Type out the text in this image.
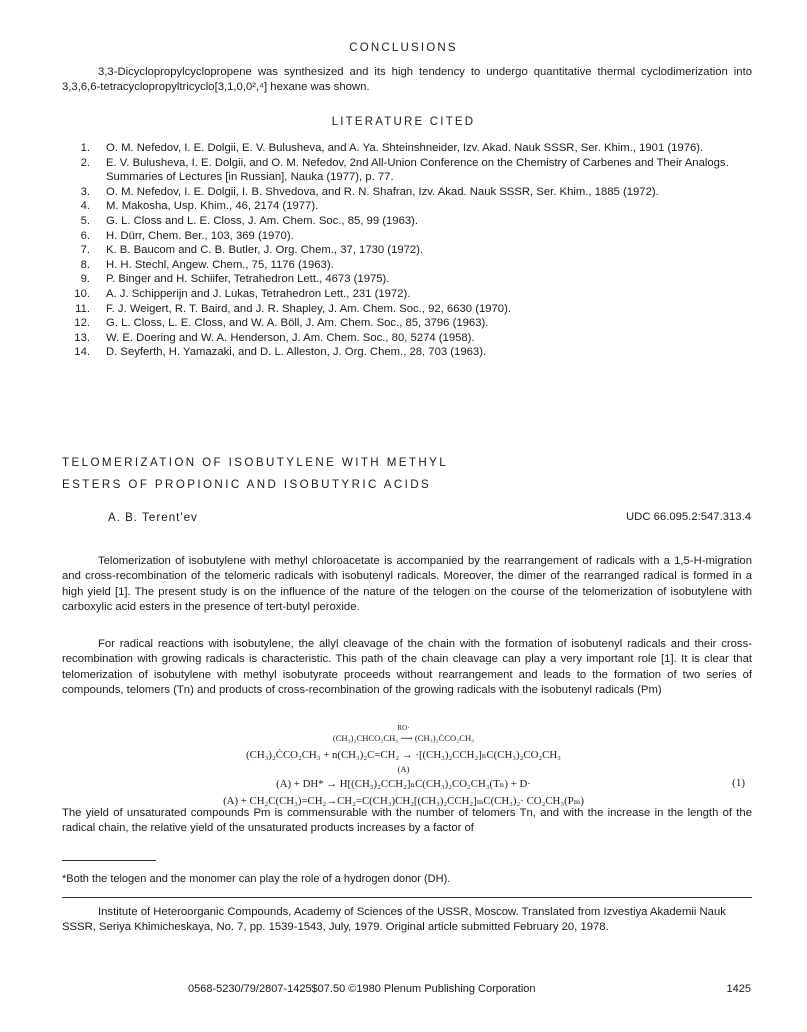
CONCLUSIONS
3,3-Dicyclopropylcyclopropene was synthesized and its high tendency to undergo quantitative thermal cyclodimerization into 3,3,6,6-tetracyclopropyltricyclo[3,1,0,0²,⁴] hexane was shown.
LITERATURE CITED
1 . O. M. Nefedov, I. E. Dolgii, E. V. Bulusheva, and A. Ya. Shteinshneider, Izv. Akad. Nauk SSSR, Ser. Khim., 1901 (1976).
2 . E. V. Bulusheva, I. E. Dolgii, and O. M. Nefedov, 2nd All-Union Conference on the Chemistry of Carbenes and Their Analogs. Summaries of Lectures [in Russian], Nauka (1977), p. 77.
3 . O. M. Nefedov, I. E. Dolgii, I. B. Shvedova, and R. N. Shafran, Izv. Akad. Nauk SSSR, Ser. Khim., 1885 (1972).
4 . M. Makosha, Usp. Khim., 46, 2174 (1977).
5 . G. L. Closs and L. E. Closs, J. Am. Chem. Soc., 85, 99 (1963).
6 . H. Dürr, Chem. Ber., 103, 369 (1970).
7 . K. B. Baucom and C. B. Butler, J. Org. Chem., 37, 1730 (1972).
8 . H. H. Stechl, Angew. Chem., 75, 1176 (1963).
9 . P. Binger and H. Schiifer, Tetrahedron Lett., 4673 (1975).
10 . A. J. Schipperijn and J. Lukas, Tetrahedron Lett., 231 (1972).
11 . F. J. Weigert, R. T. Baird, and J. R. Shapley, J. Am. Chem. Soc., 92, 6630 (1970).
12 . G. L. Closs, L. E. Closs, and W. A. Böll, J. Am. Chem. Soc., 85, 3796 (1963).
13 . W. E. Doering and W. A. Henderson, J. Am. Chem. Soc., 80, 5274 (1958).
14 . D. Seyferth, H. Yamazaki, and D. L. Alleston, J. Org. Chem., 28, 703 (1963).
TELOMERIZATION OF ISOBUTYLENE WITH METHYL
ESTERS OF PROPIONIC AND ISOBUTYRIC ACIDS
A. B. Terent'ev	UDC 66.095.2:547.313.4
Telomerization of isobutylene with methyl chloroacetate is accompanied by the rearrangement of radicals with a 1,5-H-migration and cross-recombination of the telomeric radicals with isobutenyl radicals. Moreover, the dimer of the rearranged radical is formed in a high yield [1]. The present study is on the influence of the nature of the telogen on the course of the telomerization of isobutylene with carboxylic acid esters in the presence of tert-butyl peroxide.
For radical reactions with isobutylene, the allyl cleavage of the chain with the formation of isobutenyl radicals and their cross-recombination with growing radicals is characteristic. This path of the chain cleavage can play a very important role [1]. It is clear that telomerization of isobutylene with methyl isobutyrate proceeds without rearrangement and leads to the formation of two series of compounds, telomers (Tn) and products of cross-recombination of the growing radicals with the isobutenyl radicals (Pm)
RO·
(CH₃)₂CHCO₂CH₃ ⟶ (CH₃)₂ĊCO₂CH₃
(CH₃)₂ĊCO₂CH₃ + n(CH₃)₂C=CH₂ → ·[(CH₃)₂CCH₂]ₙC(CH₃)₂CO₂CH₃
(A)
(A) + DH* → H[(CH₃)₂CCH₂]ₙC(CH₃)₂CO₂CH₃(Tₙ) + D·
(A) + CH₂C(CH₃)=CH₂→CH₂=C(CH₃)CH₂[(CH₃)₂CCH₂]ₘC(CH₃)₂· CO₂CH₃(Pₘ)
(1)
The yield of unsaturated compounds Pm is commensurable with the number of telomers Tn, and with the increase in the length of the radical chain, the relative yield of the unsaturated products increases by a factor of
*Both the telogen and the monomer can play the role of a hydrogen donor (DH).
Institute of Heteroorganic Compounds, Academy of Sciences of the USSR, Moscow. Translated from Izvestiya Akademii Nauk SSSR, Seriya Khimicheskaya, No. 7, pp. 1539-1543, July, 1979. Original article submitted February 20, 1978.
0568-5230/79/2807-1425$07.50 ©1980 Plenum Publishing Corporation	1425
